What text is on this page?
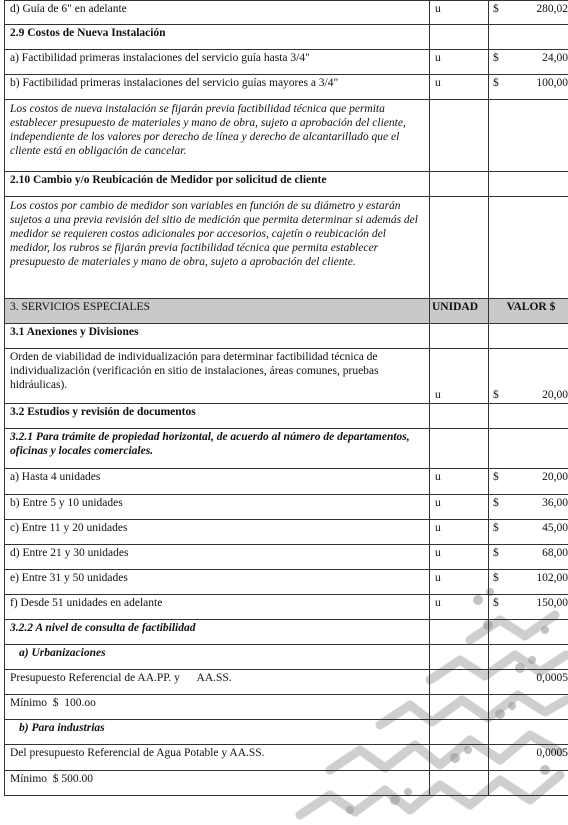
d) Guía de 6" en adelante	u	$ 280,02

2.9 Costos de Nueva Instalación		
a) Factibilidad primeras instalaciones del servicio guía hasta 3/4"	u	$ 24,00

b) Factibilidad primeras instalaciones del servicio guías mayores a 3/4"	u	$ 100,00

Los costos de nueva instalación se fijarán previa factibilidad técnica que permita establecer presupuesto de materiales y mano de obra, sujeto a aprobación del cliente, independiente de los valores por derecho de línea y derecho de alcantarillado que el cliente está en obligación de cancelar.		
2.10 Cambio y/o Reubicación de Medidor por solicitud de cliente		
Los costos por cambio de medidor son variables en función de su diámetro y estarán sujetos a una previa revisión del sitio de medición que permita determinar si además del medidor se requieren costos adicionales por accesorios, cajetín o reubicación del medidor, los rubros se fijarán previa factibilidad técnica que permita establecer presupuesto de materiales y mano de obra, sujeto a aprobación del cliente.		
3. SERVICIOS ESPECIALES	UNIDAD	VALOR $
3.1 Anexiones y Divisiones		
Orden de viabilidad de individualización para determinar factibilidad técnica de individualización (verificación en sitio de instalaciones, áreas comunes, pruebas hidráulicas).	u	$ 20,00

3.2 Estudios y revisión de documentos		
3.2.1 Para trámite de propiedad horizontal, de acuerdo al número de departamentos, oficinas y locales comerciales.		
a) Hasta 4 unidades	u	$ 20,00

b) Entre 5 y 10 unidades	u	$ 36,00

c) Entre 11 y 20 unidades	u	$ 45,00

d) Entre 21 y 30 unidades	u	$ 68,00

e) Entre 31 y 50 unidades	u	$ 102,00

f) Desde 51 unidades en adelante	u	$ 150,00

3.2.2 A nivel de consulta de factibilidad		
a) Urbanizaciones		
Presupuesto Referencial de AA.PP. y      AA.SS.		0,0005
Mínimo  $  100.oo		
b) Para industrias		
Del presupuesto Referencial de Agua Potable y AA.SS.		0,0005
Mínimo  $ 500.00		
